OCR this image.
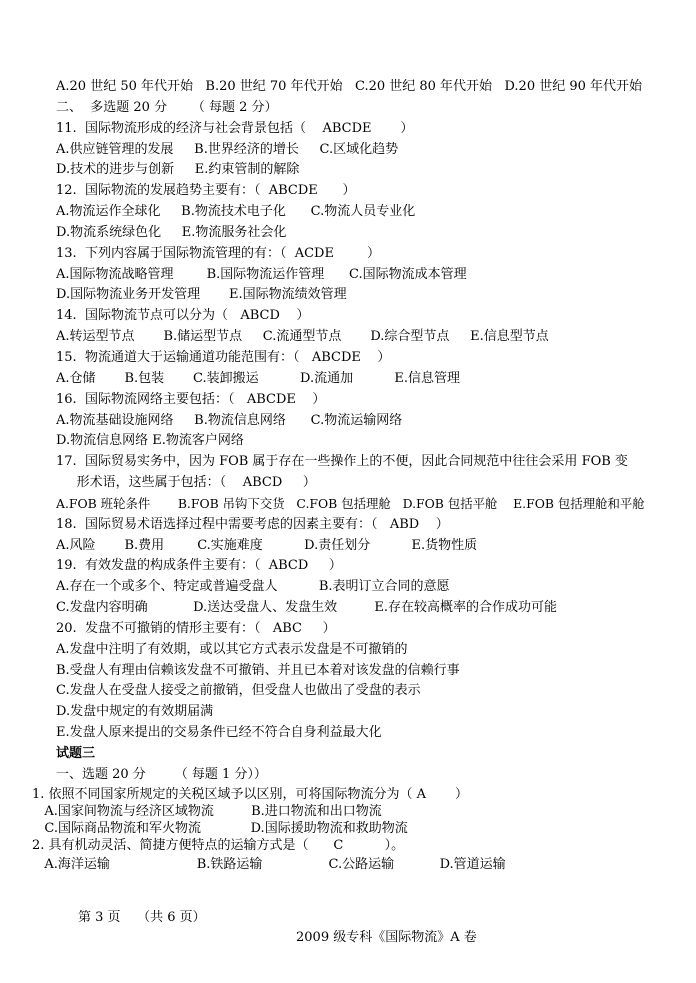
A.20 世纪 50 年代开始   B.20 世纪 70 年代开始   C.20 世纪 80 年代开始   D.20 世纪 90 年代开始
二、  多选题 20 分      （ 每题 2 分）
11.  国际物流形成的经济与社会背景包括（    ABCDE       ）
A.供应链管理的发展     B.世界经济的增长     C.区域化趋势
D.技术的进步与创新     E.约束管制的解除
12.  国际物流的发展趋势主要有：（  ABCDE      ）
A.物流运作全球化     B.物流技术电子化      C.物流人员专业化
D.物流系统绿色化     E.物流服务社会化
13.  下列内容属于国际物流管理的有：（  ACDE        ）
A.国际物流战略管理        B.国际物流运作管理      C.国际物流成本管理
D.国际物流业务开发管理       E.国际物流绩效管理
14.  国际物流节点可以分为（   ABCD    ）
A.转运型节点       B.储运型节点     C.流通型节点       D.综合型节点     E.信息型节点
15.  物流通道大于运输通道功能范围有：（   ABCDE    ）
A.仓储       B.包装       C.装卸搬运          D.流通加          E.信息管理
16.  国际物流网络主要包括：（   ABCDE    ）
A.物流基础设施网络     B.物流信息网络      C.物流运输网络
D.物流信息网络 E.物流客户网络
17.  国际贸易实务中，因为 FOB 属于存在一些操作上的不便，因此合同规范中往往会采用 FOB 变
形术语，这些属于包括：（    ABCD     ）
A.FOB 班轮条件       B.FOB 吊钩下交货   C.FOB 包括理舱   D.FOB 包括平舱    E.FOB 包括理舱和平舱
18.  国际贸易术语选择过程中需要考虑的因素主要有：（   ABD    ）
A.风险       B.费用        C.实施难度          D.责任划分          E.货物性质
19.  有效发盘的构成条件主要有：（  ABCD     ）
A.存在一个或多个、特定或普遍受盘人          B.表明订立合同的意愿
C.发盘内容明确           D.送达受盘人、发盘生效         E.存在较高概率的合作成功可能
20.  发盘不可撤销的情形主要有：（   ABC     ）
A.发盘中注明了有效期，或以其它方式表示发盘是不可撤销的
B.受盘人有理由信赖该发盘不可撤销、并且已本着对该发盘的信赖行事
C.发盘人在受盘人接受之前撤销，但受盘人也做出了受盘的表示
D.发盘中规定的有效期届满
E.发盘人原来提出的交易条件已经不符合自身利益最大化
试题三
一、选题 20 分       （ 每题 1 分））
1. 依照不同国家所规定的关税区域予以区别，可将国际物流分为（ A       ）
A.国家间物流与经济区域物流         B.进口物流和出口物流
C.国际商品物流和军火物流            D.国际援助物流和救助物流
2. 具有机动灵活、简捷方便特点的运输方式是（      C          ）。
A.海洋运输                     B.铁路运输                C.公路运输           D.管道运输

第 3 页    （共 6 页）

2009 级专科《国际物流》A 卷
